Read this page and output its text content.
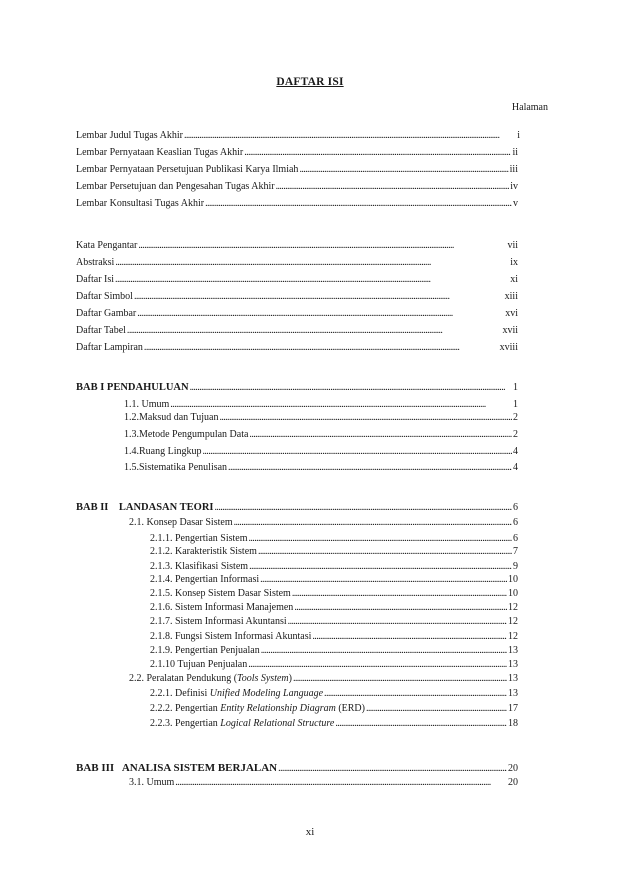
DAFTAR ISI
Halaman
Lembar Judul Tugas Akhir . . .	i
Lembar Pernyataan Keaslian Tugas Akhir . . .	ii
Lembar Pernyataan Persetujuan Publikasi Karya Ilmiah . . .	iii
Lembar Persetujuan dan Pengesahan Tugas Akhir . . .	iv
Lembar Konsultasi Tugas Akhir . . .	v
Kata Pengantar . . .	vii
Abstraksi . . .	ix
Daftar Isi . . .	xi
Daftar Simbol . . .	xiii
Daftar Gambar . . .	xvi
Daftar Tabel . . .	xvii
Daftar Lampiran . . .	xviii
BAB I PENDAHULUAN . . .	1
1.1. Umum . . .	1
1.2.Maksud dan Tujuan . . .	2
1.3.Metode Pengumpulan Data . . .	2
1.4.Ruang Lingkup . . .	4
1.5.Sistematika Penulisan . . .	4
BAB II    LANDASAN TEORI . . .	6
2.1. Konsep Dasar Sistem . . .	6
2.1.1. Pengertian Sistem . . .	6
2.1.2. Karakteristik Sistem . . .	7
2.1.3. Klasifikasi Sistem . . .	9
2.1.4. Pengertian Informasi . . .	10
2.1.5. Konsep Sistem Dasar Sistem . . .	10
2.1.6. Sistem Informasi Manajemen . . .	12
2.1.7. Sistem Informasi Akuntansi . . .	12
2.1.8. Fungsi Sistem Informasi Akuntasi . . .	12
2.1.9. Pengertian Penjualan . . .	13
2.1.10 Tujuan Penjualan . . .	13
2.2. Peralatan Pendukung (Tools System) . . .	13
2.2.1. Definisi Unified Modeling Language . . .	13
2.2.2. Pengertian Entity Relationship Diagram (ERD) . . .	17
2.2.3. Pengertian Logical Relational Structure . . .	18
BAB III   ANALISA SISTEM BERJALAN . . .	20
3.1. Umum . . .	20
xi
